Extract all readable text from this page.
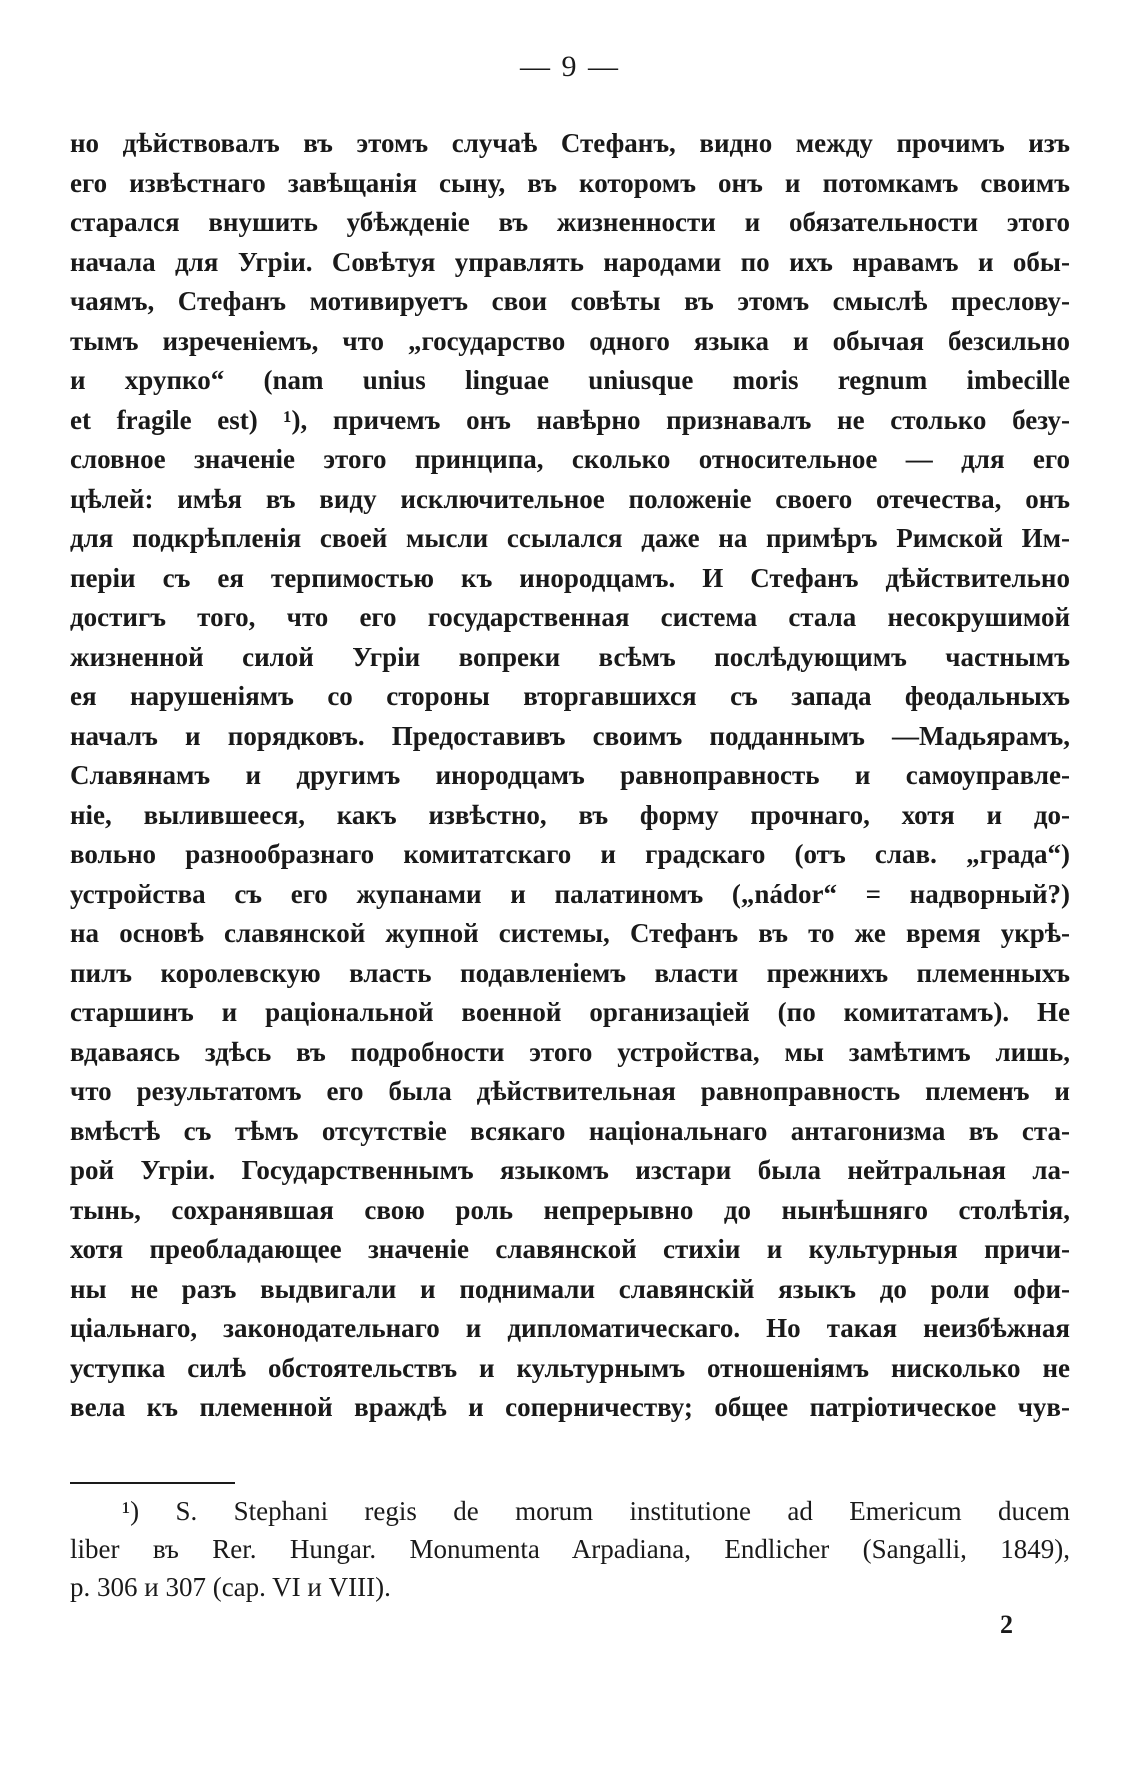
— 9 —
но дѣйствовалъ въ этомъ случаѣ Стефанъ, видно между прочимъ изъ
его извѣстнаго завѣщанія сыну, въ которомъ онъ и потомкамъ своимъ
старался внушить убѣжденіе въ жизненности и обязательности этого
начала для Угріи. Совѣтуя управлять народами по ихъ нравамъ и обы-
чаямъ, Стефанъ мотивируетъ свои совѣты въ этомъ смыслѣ преслову-
тымъ изреченіемъ, что „государство одного языка и обычая безсильно
и хрупко“ (nam unius linguae uniusque moris regnum imbecille
et fragile est) ¹), причемъ онъ навѣрно признавалъ не столько безу-
словное значеніе этого принципа, сколько относительное — для его
цѣлей: имѣя въ виду исключительное положеніе своего отечества, онъ
для подкрѣпленія своей мысли ссылался даже на примѣръ Римской Им-
періи съ ея терпимостью къ инородцамъ. И Стефанъ дѣйствительно
достигъ того, что его государственная система стала несокрушимой
жизненной силой Угріи вопреки всѣмъ послѣдующимъ частнымъ
ея нарушеніямъ со стороны вторгавшихся съ запада феодальныхъ
началъ и порядковъ. Предоставивъ своимъ подданнымъ —Мадьярамъ,
Славянамъ и другимъ инородцамъ равноправность и самоуправле-
ніе, вылившееся, какъ извѣстно, въ форму прочнаго, хотя и до-
вольно разнообразнаго комитатскаго и градскаго (отъ слав. „града“)
устройства съ его жупанами и палатиномъ („nádor“ = надворный?)
на основѣ славянской жупной системы, Стефанъ въ то же время укрѣ-
пилъ королевскую власть подавленіемъ власти прежнихъ племенныхъ
старшинъ и раціональной военной организаціей (по комитатамъ). Не
вдаваясь здѣсь въ подробности этого устройства, мы замѣтимъ лишь,
что результатомъ его была дѣйствительная равноправность племенъ и
вмѣстѣ съ тѣмъ отсутствіе всякаго національнаго антагонизма въ ста-
рой Угріи. Государственнымъ языкомъ изстари была нейтральная ла-
тынь, сохранявшая свою роль непрерывно до нынѣшняго столѣтія,
хотя преобладающее значеніе славянской стихіи и культурныя причи-
ны не разъ выдвигали и поднимали славянскій языкъ до роли офи-
ціальнаго, законодательнаго и дипломатическаго. Но такая неизбѣжная
уступка силѣ обстоятельствъ и культурнымъ отношеніямъ нисколько не
вела къ племенной враждѣ и соперничеству; общее патріотическое чув-
¹) S. Stephani regis de morum institutione ad Emericum ducem
liber въ Rer. Hungar. Monumenta Arpadiana, Endlicher (Sangalli, 1849),
p. 306 и 307 (cap. VI и VIII).
2
